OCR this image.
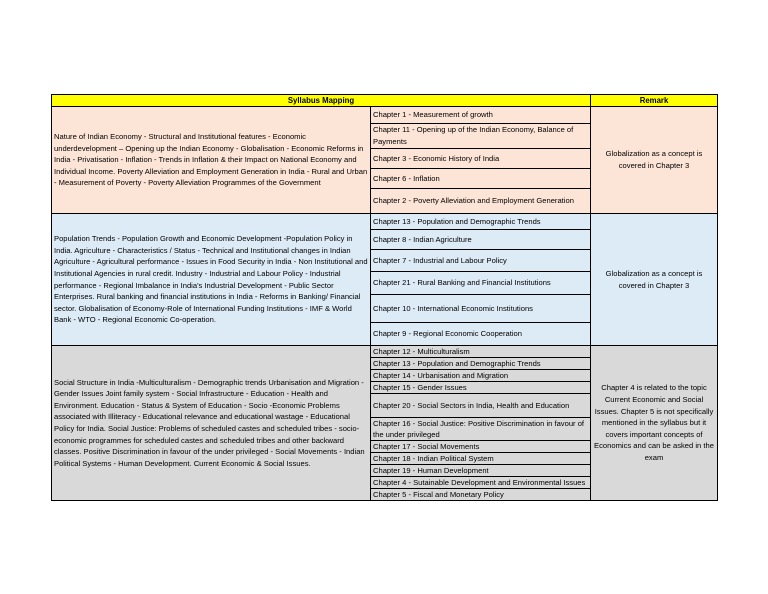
Syllabus Mapping		Remark
Nature of Indian Economy - Structural and Institutional features - Economic underdevelopment – Opening up the Indian Economy - Globalisation - Economic Reforms in India - Privatisation - Inflation - Trends in Inflation & their Impact on National Economy and Individual Income. Poverty Alleviation and Employment Generation in India - Rural and Urban - Measurement of Poverty - Poverty Alleviation Programmes of the Government	Chapter 1 - Measurement of growth	Globalization as a concept is covered in Chapter 3
	Chapter 11 - Opening up of the Indian Economy, Balance of Payments	
	Chapter 3 - Economic History of India	
	Chapter 6 - Inflation	
	Chapter 2 - Poverty Alleviation and Employment Generation	
Population Trends - Population Growth and Economic Development -Population Policy in India. Agriculture - Characteristics / Status - Technical and Institutional changes in Indian Agriculture - Agricultural performance - Issues in Food Security in India - Non Institutional and Institutional Agencies in rural credit. Industry - Industrial and Labour Policy - Industrial performance - Regional Imbalance in India's Industrial Development - Public Sector Enterprises. Rural banking and financial institutions in India - Reforms in Banking/ Financial sector. Globalisation of Economy-Role of International Funding Institutions - IMF & World Bank - WTO - Regional Economic Co-operation.	Chapter 13 - Population and Demographic Trends	Globalization as a concept is covered in Chapter 3
	Chapter 8 - Indian Agriculture	
	Chapter 7 - Industrial and Labour Policy	
	Chapter 21 - Rural Banking and Financial Institutions	
	Chapter 10 - International Economic Institutions	
	Chapter 9 - Regional Economic Cooperation	
Social Structure in India -Multiculturalism - Demographic trends Urbanisation and Migration - Gender Issues Joint family system - Social Infrastructure - Education - Health and Environment. Education - Status & System of Education - Socio -Economic Problems associated with Illiteracy - Educational relevance and educational wastage - Educational Policy for India. Social Justice: Problems of scheduled castes and scheduled tribes - socio-economic programmes for scheduled castes and scheduled tribes and other backward classes. Positive Discrimination in favour of the under privileged - Social Movements - Indian Political Systems - Human Development. Current Economic & Social Issues.	Chapter 12 - Multiculturalism	Chapter 4 is related to the topic Current Economic and Social Issues. Chapter 5 is not specifically mentioned in the syllabus but it covers important concepts of Economics and can be asked in the exam
	Chapter 13 - Population and Demographic Trends	
	Chapter 14 - Urbanisation and Migration	
	Chapter 15 - Gender Issues	
	Chapter 20 - Social Sectors in India, Health and Education	
	Chapter 16 - Social Justice: Positive Discrimination in favour of the under privileged	
	Chapter 17 - Social Movements	
	Chapter 18 - Indian Political System	
	Chapter 19 - Human Development	
	Chapter 4 - Sutainable Development and Environmental Issues	
	Chapter 5 - Fiscal and Monetary Policy	
